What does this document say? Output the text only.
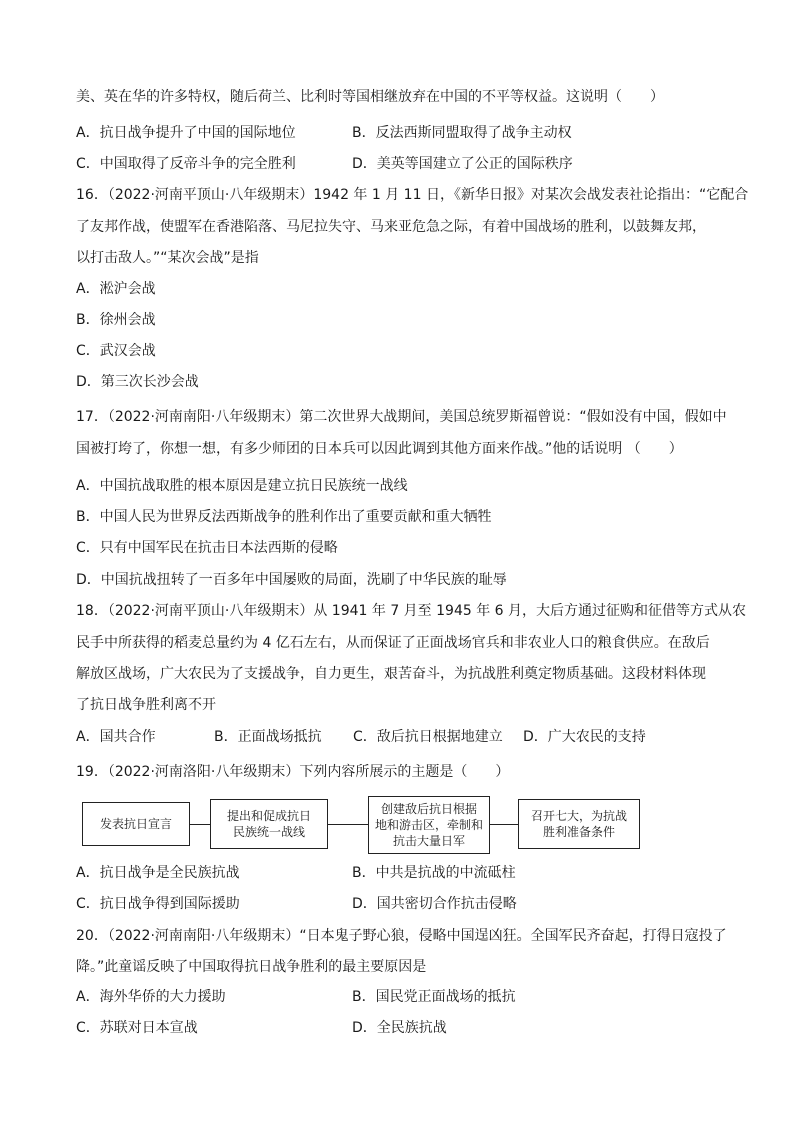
美、英在华的许多特权，随后荷兰、比利时等国相继放弃在中国的不平等权益。这说明（　　）
A．抗日战争提升了中国的国际地位	B．反法西斯同盟取得了战争主动权
C．中国取得了反帝斗争的完全胜利	D．美英等国建立了公正的国际秩序
16．（2022·河南平顶山·八年级期末）1942 年 1 月 11 日，《新华日报》对某次会战发表社论指出：“它配合
了友邦作战，使盟军在香港陷落、马尼拉失守、马来亚危急之际，有着中国战场的胜利，以鼓舞友邦，
以打击敌人。”“某次会战”是指
A．淞沪会战
B．徐州会战
C．武汉会战
D．第三次长沙会战
17．（2022·河南南阳·八年级期末）第二次世界大战期间，美国总统罗斯福曾说：“假如没有中国，假如中
国被打垮了，你想一想，有多少师团的日本兵可以因此调到其他方面来作战。”他的话说明 （　　）
A．中国抗战取胜的根本原因是建立抗日民族统一战线
B．中国人民为世界反法西斯战争的胜利作出了重要贡献和重大牺牲
C．只有中国军民在抗击日本法西斯的侵略
D．中国抗战扭转了一百多年中国屡败的局面，洗刷了中华民族的耻辱
18．（2022·河南平顶山·八年级期末）从 1941 年 7 月至 1945 年 6 月，大后方通过征购和征借等方式从农
民手中所获得的稻麦总量约为 4 亿石左右，从而保证了正面战场官兵和非农业人口的粮食供应。在敌后
解放区战场，广大农民为了支援战争，自力更生，艰苦奋斗，为抗战胜利奠定物质基础。这段材料体现
了抗日战争胜利离不开
A．国共合作	B．正面战场抵抗 C．敌后抗日根据地建立 D．广大农民的支持
19．（2022·河南洛阳·八年级期末）下列内容所展示的主题是（　　）
发表抗日宣言
提出和促成抗日
民族统一战线
创建敌后抗日根据
地和游击区，牵制和
抗击大量日军
召开七大，为抗战
胜利准备条件
A．抗日战争是全民族抗战	B．中共是抗战的中流砥柱
C．抗日战争得到国际援助	D．国共密切合作抗击侵略
20．（2022·河南南阳·八年级期末）“日本鬼子野心狼，侵略中国逞凶狂。全国军民齐奋起，打得日寇投了
降。”此童谣反映了中国取得抗日战争胜利的最主要原因是
A．海外华侨的大力援助	B．国民党正面战场的抵抗
C．苏联对日本宣战	D．全民族抗战
